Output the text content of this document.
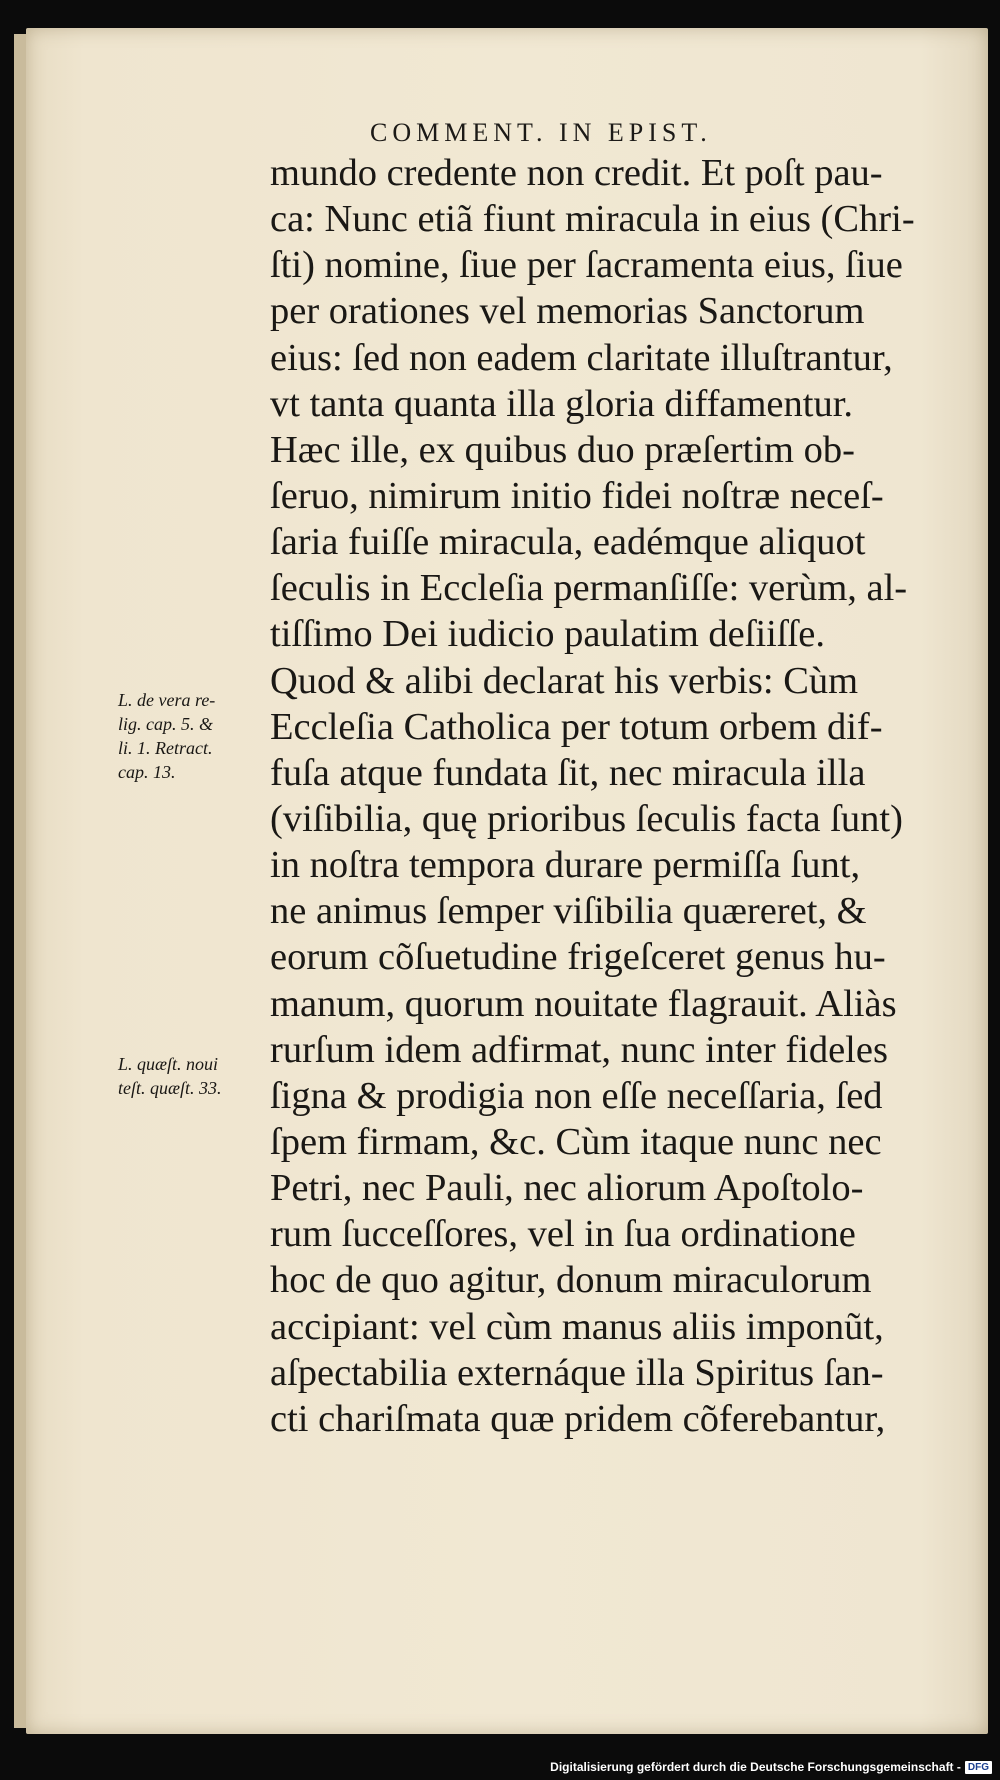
COMMENT. IN EPIST.
mundo credente non credit. Et poſt pau-
ca: Nunc etiã fiunt miracula in eius (Chri-
ſti) nomine, ſiue per ſacramenta eius, ſiue
per orationes vel memorias Sanctorum
eius: ſed non eadem claritate illuſtrantur,
vt tanta quanta illa gloria diffamentur.
Hæc ille, ex quibus duo præſertim ob-
ſeruo, nimirum initio fidei noſtræ neceſ-
ſaria fuiſſe miracula, eadémque aliquot
ſeculis in Eccleſia permanſiſſe: verùm, al-
tiſſimo Dei iudicio paulatim deſiiſſe.
Quod & alibi declarat his verbis: Cùm
Eccleſia Catholica per totum orbem dif-
fuſa atque fundata ſit, nec miracula illa
(viſibilia, quę prioribus ſeculis facta ſunt)
in noſtra tempora durare permiſſa ſunt,
ne animus ſemper viſibilia quæreret, &
eorum cõſuetudine frigeſceret genus hu-
manum, quorum nouitate flagrauit. Aliàs
rurſum idem adfirmat, nunc inter fideles
ſigna & prodigia non eſſe neceſſaria, ſed
ſpem firmam, &c. Cùm itaque nunc nec
Petri, nec Pauli, nec aliorum Apoſtolo-
rum ſucceſſores, vel in ſua ordinatione
hoc de quo agitur, donum miraculorum
accipiant: vel cùm manus aliis imponũt,
aſpectabilia externáque illa Spiritus ſan-
cti chariſmata quæ pridem cõferebantur,
L. de vera re-
lig. cap. 5. &
li. 1. Retract.
cap. 13.
L. quæſt. noui
teſt. quæſt. 33.
Digitalisierung gefördert durch die Deutsche Forschungsgemeinschaft - DFG
